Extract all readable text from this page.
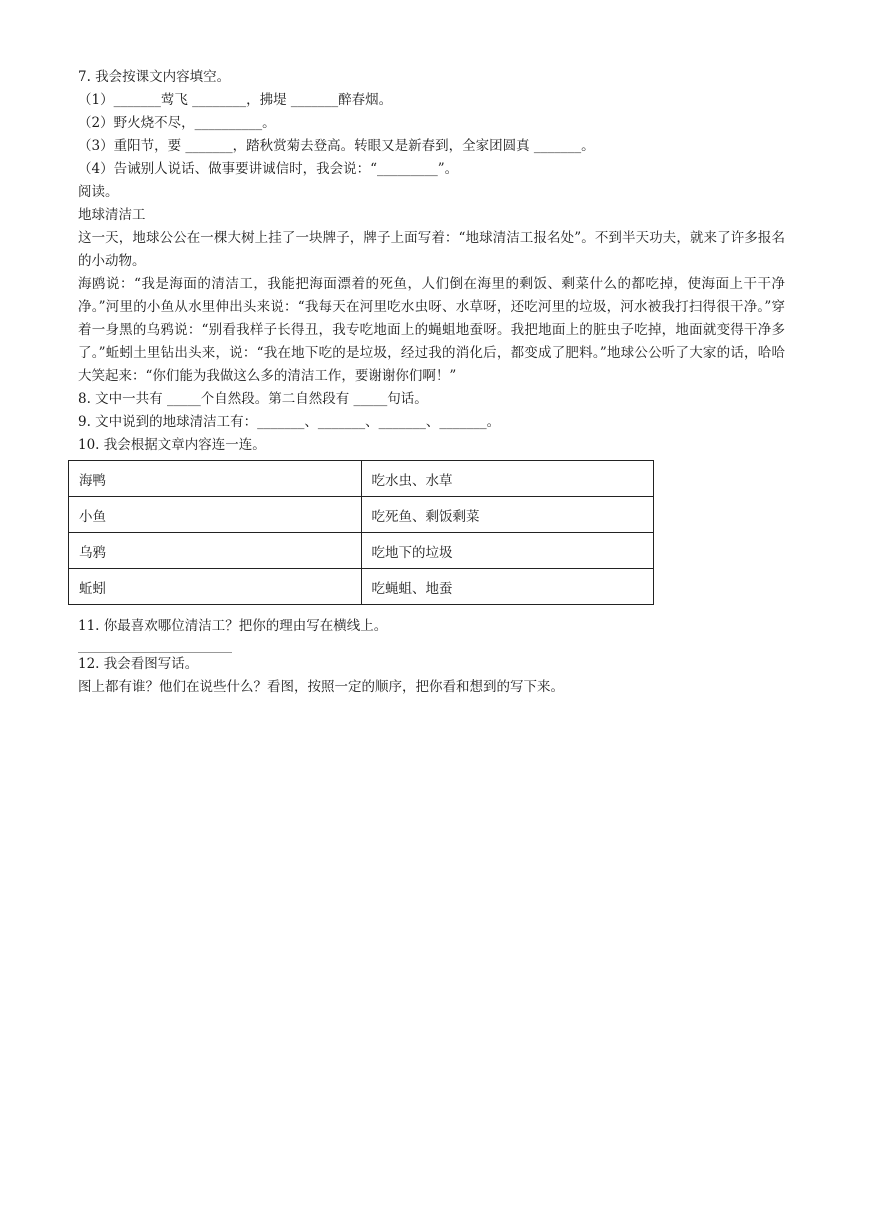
7. 我会按课文内容填空。
（1）_______莺飞 ________，拂堤 _______醉春烟。
（2）野火烧不尽，__________。
（3）重阳节，要 _______，踏秋赏菊去登高。转眼又是新春到，全家团圆真 _______。
（4）告诫别人说话、做事要讲诚信时，我会说：“_________”。
阅读。
地球清洁工
这一天，地球公公在一棵大树上挂了一块牌子，牌子上面写着：“地球清洁工报名处”。不到半天功夫，就来了许多报名的小动物。
海鸥说：“我是海面的清洁工，我能把海面漂着的死鱼，人们倒在海里的剩饭、剩菜什么的都吃掉，使海面上干干净净。”河里的小鱼从水里伸出头来说：“我每天在河里吃水虫呀、水草呀，还吃河里的垃圾，河水被我打扫得很干净。”穿着一身黑的乌鸦说：“别看我样子长得丑，我专吃地面上的蝇蛆地蚕呀。我把地面上的脏虫子吃掉，地面就变得干净多了。”蚯蚓土里钻出头来，说：“我在地下吃的是垃圾，经过我的消化后，都变成了肥料。”地球公公听了大家的话，哈哈大笑起来：“你们能为我做这么多的清洁工作，要谢谢你们啊！”
8. 文中一共有 _____个自然段。第二自然段有 _____句话。
9. 文中说到的地球清洁工有：_______、_______、_______、_______。
10. 我会根据文章内容连一连。
海鸭	吃水虫、水草
小鱼	吃死鱼、剩饭剩菜
乌鸦	吃地下的垃圾
蚯蚓	吃蝇蛆、地蚕
11. 你最喜欢哪位清洁工？把你的理由写在横线上。
12. 我会看图写话。
图上都有谁？他们在说些什么？看图，按照一定的顺序，把你看和想到的写下来。
